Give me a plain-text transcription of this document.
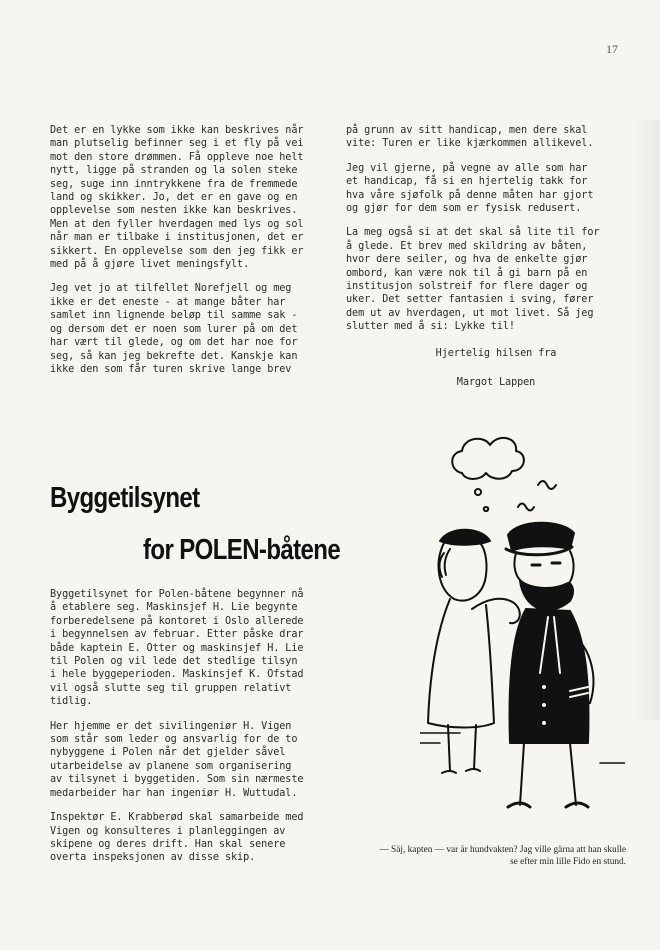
17

Det er en lykke som ikke kan beskrives når
man plutselig befinner seg i et fly på vei
mot den store drømmen. Få oppleve noe helt
nytt, ligge på stranden og la solen steke
seg, suge inn inntrykkene fra de fremmede
land og skikker. Jo, det er en gave og en
opplevelse som nesten ikke kan beskrives.
Men at den fyller hverdagen med lys og sol
når man er tilbake i institusjonen, det er
sikkert. En opplevelse som den jeg fikk er
med på å gjøre livet meningsfylt.

Jeg vet jo at tilfellet Norefjell og meg
ikke er det eneste - at mange båter har
samlet inn lignende beløp til samme sak -
og dersom det er noen som lurer på om det
har vært til glede, og om det har noe for
seg, så kan jeg bekrefte det. Kanskje kan
ikke den som får turen skrive lange brev

på grunn av sitt handicap, men dere skal
vite: Turen er like kjærkommen allikevel.

Jeg vil gjerne, på vegne av alle som har
et handicap, få si en hjertelig takk for
hva våre sjøfolk på denne måten har gjort
og gjør for dem som er fysisk redusert.

La meg også si at det skal så lite til for
å glede. Et brev med skildring av båten,
hvor dere seiler, og hva de enkelte gjør
ombord, kan være nok til å gi barn på en
institusjon solstreif for flere dager og
uker. Det setter fantasien i sving, fører
dem ut av hverdagen, ut mot livet. Så jeg
slutter med å si: Lykke til!

Hjertelig hilsen fra

Margot Lappen

Byggetilsynet
for POLEN-båtene

Byggetilsynet for Polen-båtene begynner nå
å etablere seg. Maskinsjef H. Lie begynte
forberedelsene på kontoret i Oslo allerede
i begynnelsen av februar. Etter påske drar
både kaptein E. Otter og maskinsjef H. Lie
til Polen og vil lede det stedlige tilsyn
i hele byggeperioden. Maskinsjef K. Ofstad
vil også slutte seg til gruppen relativt
tidlig.

Her hjemme er det sivilingeniør H. Vigen
som står som leder og ansvarlig for de to
nybyggene i Polen når det gjelder såvel
utarbeidelse av planene som organisering
av tilsynet i byggetiden. Som sin nærmeste
medarbeider har han ingeniør H. Wuttudal.

Inspektør E. Krabberød skal samarbeide med
Vigen og konsulteres i planleggingen av
skipene og deres drift. Han skal senere
overta inspeksjonen av disse skip.

— Säj, kapten — var är hundvakten? Jag ville gärna att han skulle se efter min lille Fido en stund.
